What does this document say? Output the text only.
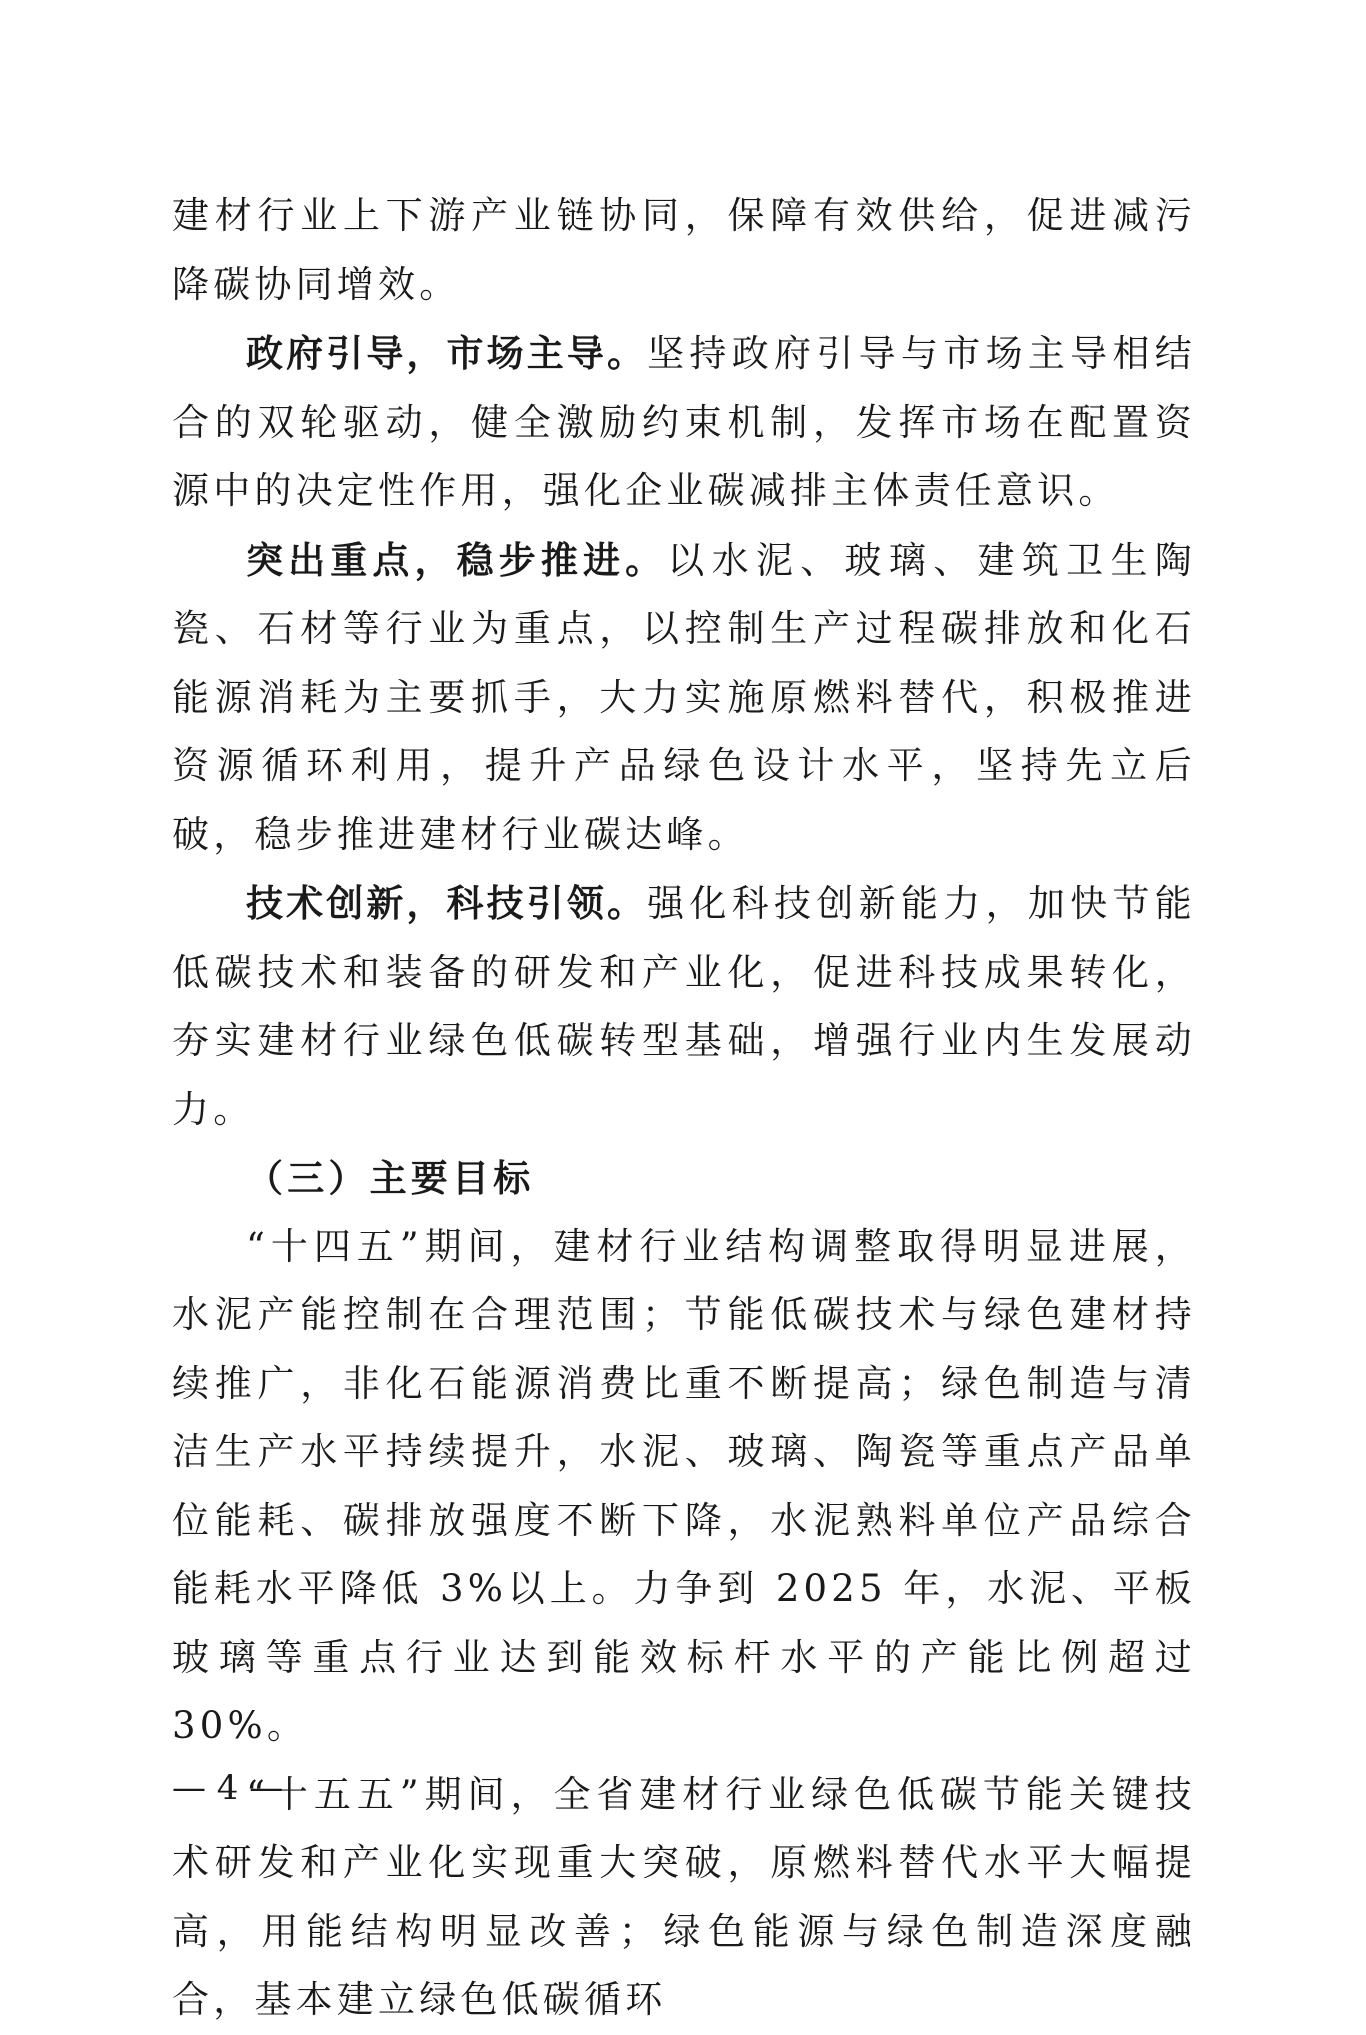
建材行业上下游产业链协同，保障有效供给，促进减污降碳协同增效。

政府引导，市场主导。坚持政府引导与市场主导相结合的双轮驱动，健全激励约束机制，发挥市场在配置资源中的决定性作用，强化企业碳减排主体责任意识。

突出重点，稳步推进。以水泥、玻璃、建筑卫生陶瓷、石材等行业为重点，以控制生产过程碳排放和化石能源消耗为主要抓手，大力实施原燃料替代，积极推进资源循环利用，提升产品绿色设计水平，坚持先立后破，稳步推进建材行业碳达峰。

技术创新，科技引领。强化科技创新能力，加快节能低碳技术和装备的研发和产业化，促进科技成果转化，夯实建材行业绿色低碳转型基础，增强行业内生发展动力。

（三）主要目标

“十四五”期间，建材行业结构调整取得明显进展，水泥产能控制在合理范围；节能低碳技术与绿色建材持续推广，非化石能源消费比重不断提高；绿色制造与清洁生产水平持续提升，水泥、玻璃、陶瓷等重点产品单位能耗、碳排放强度不断下降，水泥熟料单位产品综合能耗水平降低 3%以上。力争到 2025 年，水泥、平板玻璃等重点行业达到能效标杆水平的产能比例超过30%。

“十五五”期间，全省建材行业绿色低碳节能关键技术研发和产业化实现重大突破，原燃料替代水平大幅提高，用能结构明显改善；绿色能源与绿色制造深度融合，基本建立绿色低碳循环

— 4 —
